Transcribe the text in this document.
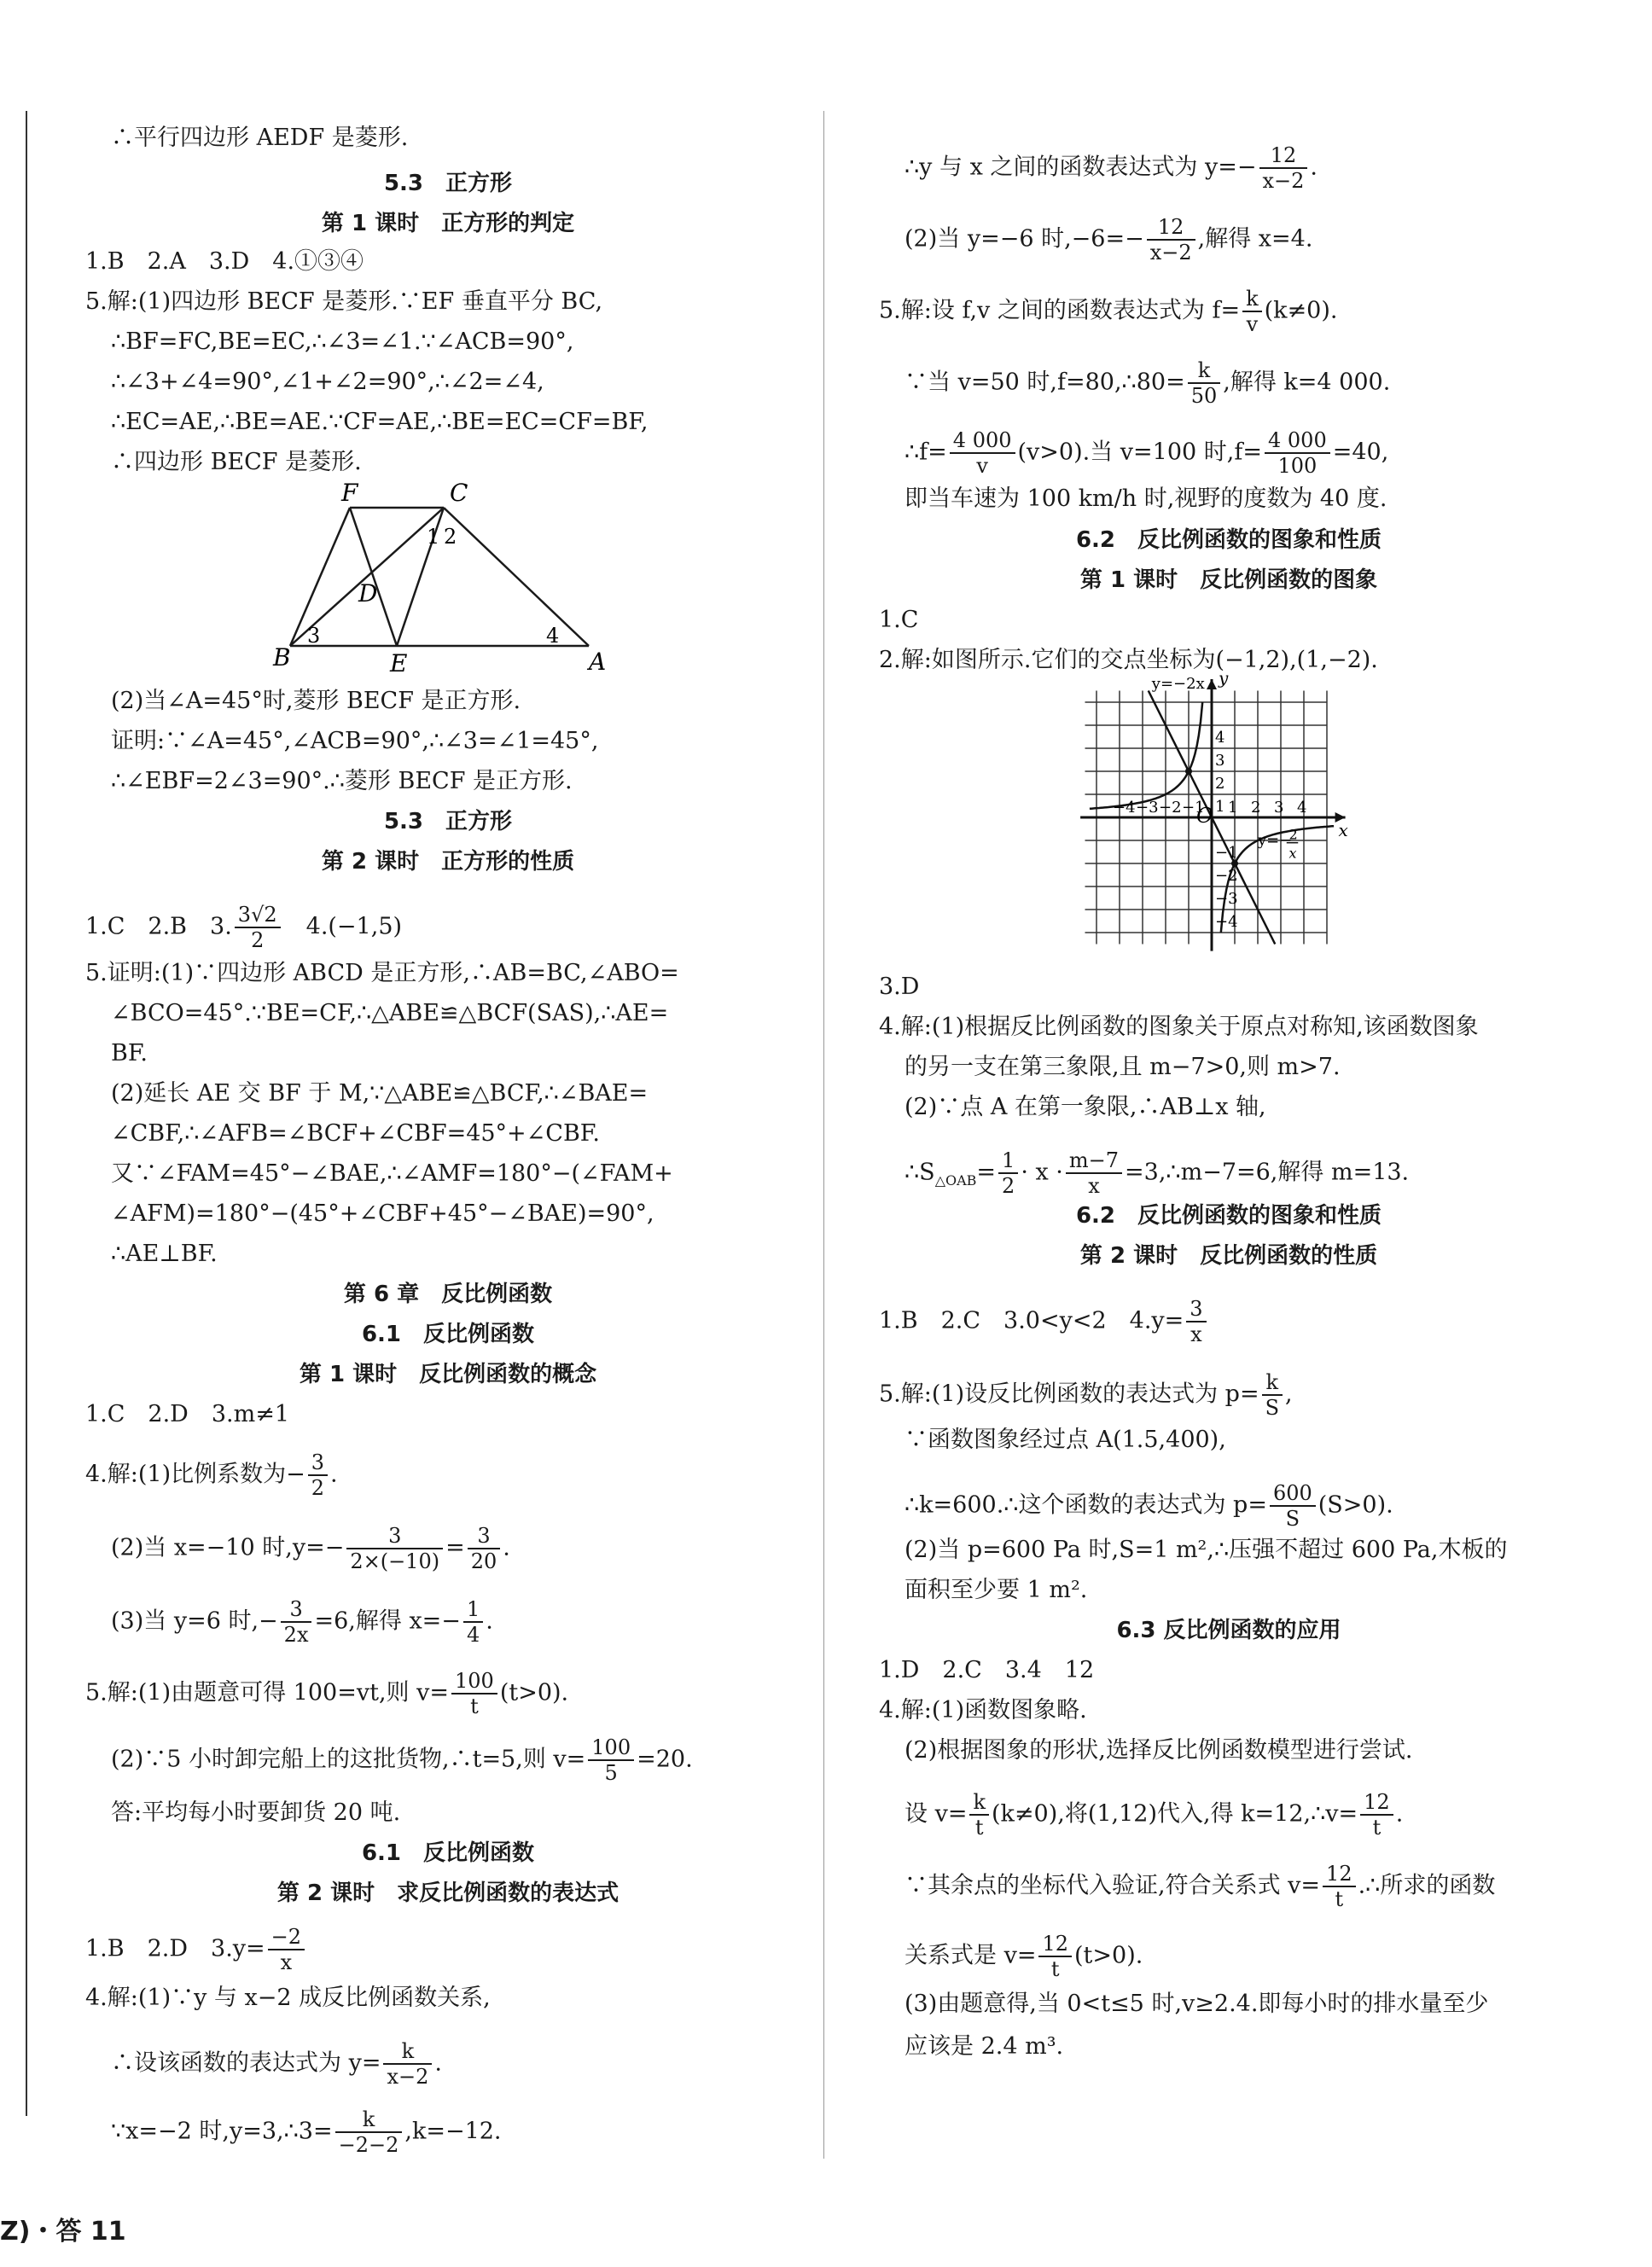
∴平行四边形 AEDF 是菱形.
5.3　正方形
第 1 课时　正方形的判定
1.B　2.A　3.D　4.①③④
5.解:(1)四边形 BECF 是菱形.∵EF 垂直平分 BC,
∴BF=FC,BE=EC,∴∠3=∠1.∵∠ACB=90°,
∴∠3+∠4=90°,∠1+∠2=90°,∴∠2=∠4,
∴EC=AE,∴BE=AE.∵CF=AE,∴BE=EC=CF=BF,
∴四边形 BECF 是菱形.
F	C
B	E	A
D
1 2
3	4
(2)当∠A=45°时,菱形 BECF 是正方形.
证明:∵∠A=45°,∠ACB=90°,∴∠3=∠1=45°,
∴∠EBF=2∠3=90°.∴菱形 BECF 是正方形.
5.3　正方形
第 2 课时　正方形的性质
1.C　2.B　3. $\frac{3√2}{2}$ 　4.(−1,5)
5.证明:(1)∵四边形 ABCD 是正方形,∴AB=BC,∠ABO=
∠BCO=45°.∵BE=CF,∴△ABE≌△BCF(SAS),∴AE=
BF.
(2)延长 AE 交 BF 于 M,∵△ABE≌△BCF,∴∠BAE=
∠CBF,∴∠AFB=∠BCF+∠CBF=45°+∠CBF.
又∵∠FAM=45°−∠BAE,∴∠AMF=180°−(∠FAM+
∠AFM)=180°−(45°+∠CBF+45°−∠BAE)=90°,
∴AE⊥BF.
第 6 章　反比例函数
6.1　反比例函数
第 1 课时　反比例函数的概念
1.C　2.D　3.m≠1
4.解:(1)比例系数为− $\frac{3}{2}$ .
(2)当 x=−10 时$,y=- \frac{3}{2\times(-10)} = \frac{3}{20}$ .
(3)当 y=6 时,− $\frac{3}{2x} =6$,解得 $x=- \frac{1}{4}$ .
5.解:(1)由题意可得 100=vt,则 $v= \frac{100}{t} (t>0)$.
(2)∵5 小时卸完船上的这批货物,∴t=5,则 $v= \frac{100}{5} =20$.
答:平均每小时要卸货 20 吨.
6.1　反比例函数
第 2 课时　求反比例函数的表达式
1.B　2.D　$3.y= \frac{-2}{x}$
4.解:(1)∵y 与 x−2 成反比例函数关系,
∴设该函数的表达式为 $y= \frac{k}{x-2}$ .
∵x=−2 时,y=3,∴3= $\frac{k}{-2-2} ,k=-12$.
∴y 与 x 之间的函数表达式为 $y=- \frac{12}{x-2}$ .
(2)当 y=−6 时$,-6=- \frac{12}{x-2}$ ,解得 x=4.
5.解:设 f,v 之间的函数表达式为 $f= \frac{k}{v} (k\ne 0)$.
∵当 v=50 时,f=80,∴80= $\frac{k}{50}$ ,解得 k=4 000.
∴f= $\frac{4 000}{v} (v>0)$.当 v=100 时$,f= \frac{4 000}{100} =40$,
即当车速为 100 km/h 时,视野的度数为 40 度.
6.2　反比例函数的图象和性质
第 1 课时　反比例函数的图象
1.C
2.解:如图所示.它们的交点坐标为(−1,2),(1,−2).
−4 −3 −2 −1 1 2 3 4
4
3
2
1
−1
−2
−3
−4
O
x
y
y=−2x
y=−
2
x
3.D
4.解:(1)根据反比例函数的图象关于原点对称知,该函数图象
的另一支在第三象限,且 m−7>0,则 m>7.
(2)∵点 A 在第一象限,∴AB⊥x 轴,
$\therefore S_{\triangle OAB}= \frac{1}{2} \cdot x \cdot \frac{m-7}{x}$ =3,∴m−7=6,解得 m=13.
6.2　反比例函数的图象和性质
第 2 课时　反比例函数的性质
1.B　2.C　3.0<y<2　$4.y= \frac{3}{x}$
5.解:(1)设反比例函数的表达式为 $p= \frac{k}{S}$ ,
∵函数图象经过点 A(1.5,400),
∴k=600.∴这个函数的表达式为 $p= \frac{600}{S} (S>0)$.
(2)当 p=600 Pa 时,S=1 m²,∴压强不超过 600 Pa,木板的
面积至少要 1 m².
6.3 反比例函数的应用
1.D　2.C　3.4　12
4.解:(1)函数图象略.
(2)根据图象的形状,选择反比例函数模型进行尝试.
设 $v= \frac{k}{t} (k\ne 0)$,将(1,12)代入,得 k=12,∴v= $\frac{12}{t}$ .
∵其余点的坐标代入验证,符合关系式 $v= \frac{12}{t}$ .∴所求的函数
关系式是 $v= \frac{12}{t} (t>0)$.
(3)由题意得,当 0<t≤5 时,v≥2.4.即每小时的排水量至少
应该是 2.4 m³.
Z)・答 11
